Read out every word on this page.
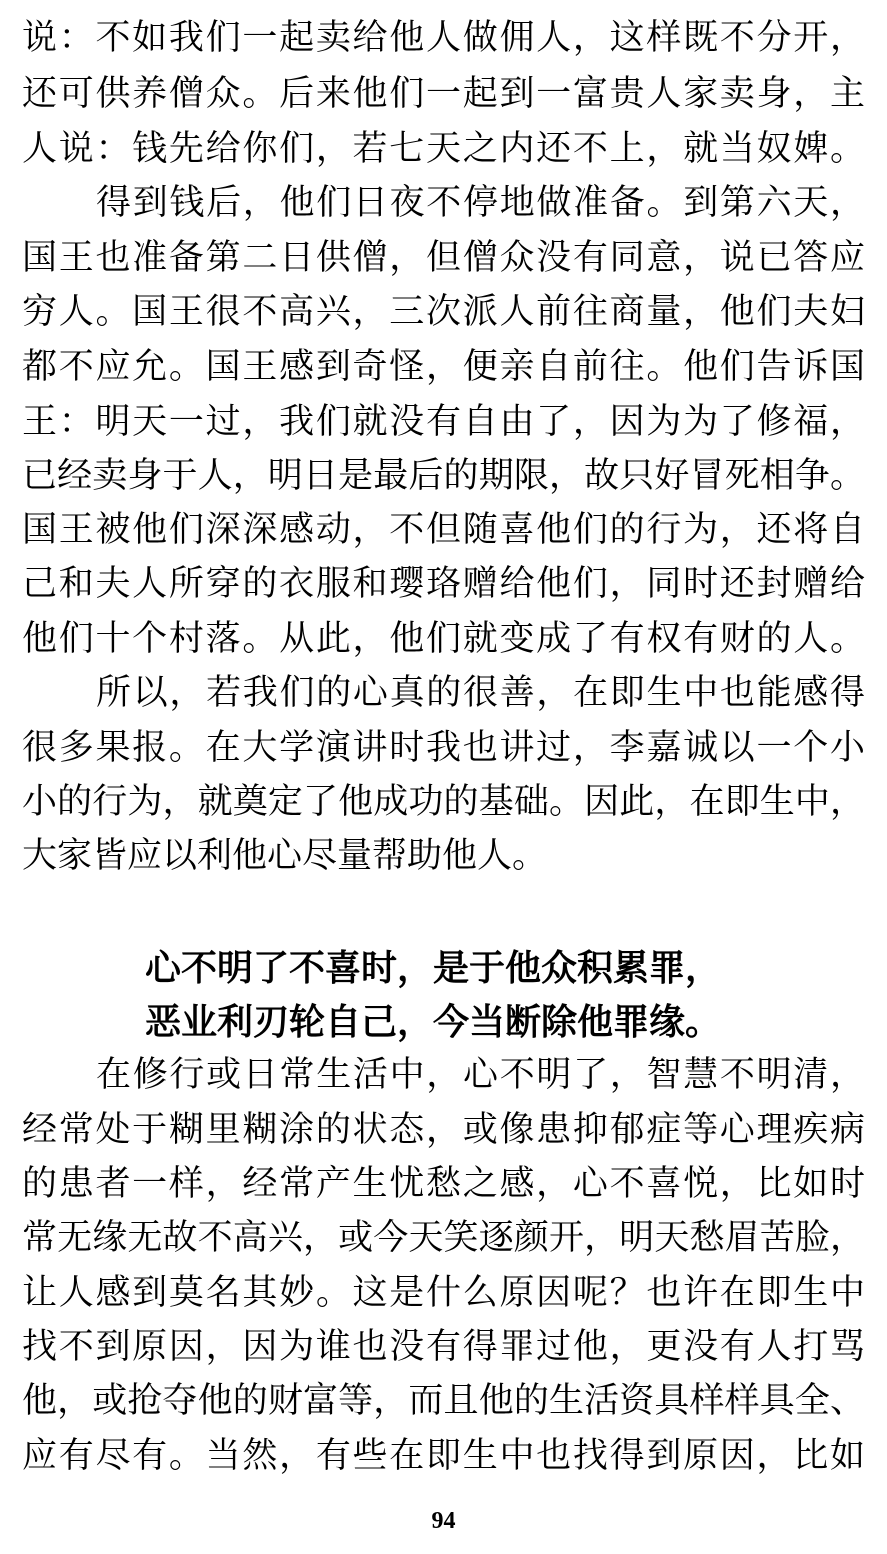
说：不如我们一起卖给他人做佣人，这样既不分开，
还可供养僧众。后来他们一起到一富贵人家卖身，主
人说：钱先给你们，若七天之内还不上，就当奴婢。
得到钱后，他们日夜不停地做准备。到第六天，
国王也准备第二日供僧，但僧众没有同意，说已答应
穷人。国王很不高兴，三次派人前往商量，他们夫妇
都不应允。国王感到奇怪，便亲自前往。他们告诉国
王：明天一过，我们就没有自由了，因为为了修福，
已经卖身于人，明日是最后的期限，故只好冒死相争。
国王被他们深深感动，不但随喜他们的行为，还将自
己和夫人所穿的衣服和璎珞赠给他们，同时还封赠给
他们十个村落。从此，他们就变成了有权有财的人。
所以，若我们的心真的很善，在即生中也能感得
很多果报。在大学演讲时我也讲过，李嘉诚以一个小
小的行为，就奠定了他成功的基础。因此，在即生中，
大家皆应以利他心尽量帮助他人。
心不明了不喜时，是于他众积累罪，
恶业利刃轮自己，今当断除他罪缘。
在修行或日常生活中，心不明了，智慧不明清，
经常处于糊里糊涂的状态，或像患抑郁症等心理疾病
的患者一样，经常产生忧愁之感，心不喜悦，比如时
常无缘无故不高兴，或今天笑逐颜开，明天愁眉苦脸，
让人感到莫名其妙。这是什么原因呢？也许在即生中
找不到原因，因为谁也没有得罪过他，更没有人打骂
他，或抢夺他的财富等，而且他的生活资具样样具全、
应有尽有。当然，有些在即生中也找得到原因，比如
94
